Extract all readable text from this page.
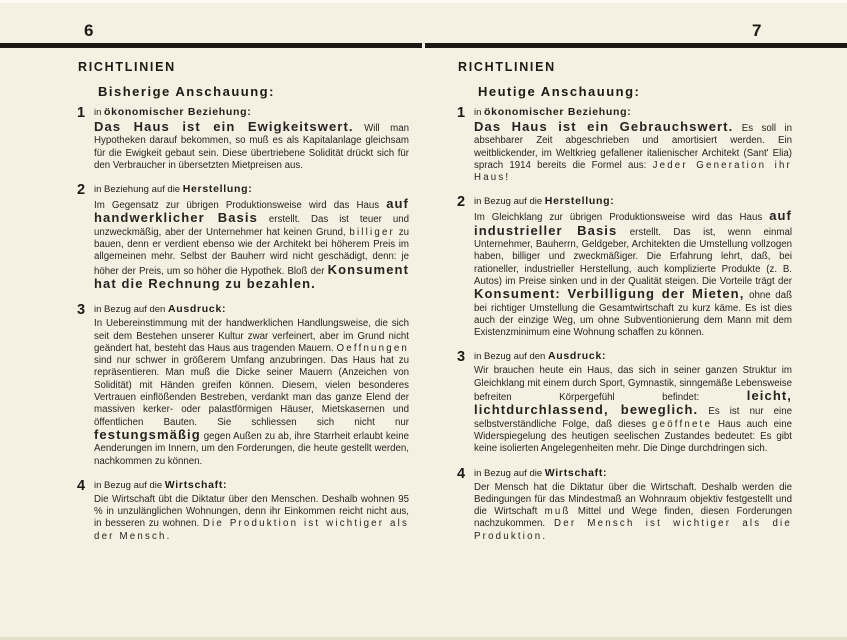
6	7
RICHTLINIEN
Bisherige Anschauung:
1 in ökonomischer Beziehung:
Das Haus ist ein Ewigkeitswert. Will man Hypotheken darauf bekommen, so muß es als Kapitalanlage gleichsam für die Ewigkeit gebaut sein. Diese übertriebene Solidität drückt sich für den Verbraucher in übersetzten Mietpreisen aus.
2 in Beziehung auf die Herstellung:
Im Gegensatz zur übrigen Produktionsweise wird das Haus auf handwerklicher Basis erstellt. Das ist teuer und unzweckmäßig, aber der Unternehmer hat keinen Grund, billiger zu bauen, denn er verdient ebenso wie der Architekt bei höherem Preis im allgemeinen mehr. Selbst der Bauherr wird nicht geschädigt, denn: je höher der Preis, um so höher die Hypothek. Bloß der Konsument hat die Rechnung zu bezahlen.
3 in Bezug auf den Ausdruck:
In Uebereinstimmung mit der handwerklichen Handlungsweise, die sich seit dem Bestehen unserer Kultur zwar verfeinert, aber im Grund nicht geändert hat, besteht das Haus aus tragenden Mauern. Oeffnungen sind nur schwer in größerem Umfang anzubringen. Das Haus hat zu repräsentieren. Man muß die Dicke seiner Mauern (Anzeichen von Solidität) mit Händen greifen können. Diesem, vielen besonderes Vertrauen einflößenden Bestreben, verdankt man das ganze Elend der massiven kerker- oder palastförmigen Häuser, Mietskasernen und öffentlichen Bauten. Sie schliessen sich nicht nur festungsmäßig gegen Außen zu ab, ihre Starrheit erlaubt keine Aenderungen im Innern, um den Forderungen, die heute gestellt werden, nachkommen zu können.
4 in Bezug auf die Wirtschaft:
Die Wirtschaft übt die Diktatur über den Menschen. Deshalb wohnen 95 % in unzulänglichen Wohnungen, denn ihr Einkommen reicht nicht aus, in besseren zu wohnen. Die Produktion ist wichtiger als der Mensch.
RICHTLINIEN
Heutige Anschauung:
1 in ökonomischer Beziehung:
Das Haus ist ein Gebrauchswert. Es soll in absehbarer Zeit abgeschrieben und amortisiert werden. Ein weitblickender, im Weltkrieg gefallener italienischer Architekt (Sant' Elia) sprach 1914 bereits die Formel aus: Jeder Generation ihr Haus!
2 in Bezug auf die Herstellung:
Im Gleichklang zur übrigen Produktionsweise wird das Haus auf industrieller Basis erstellt. Das ist, wenn einmal Unternehmer, Bauherrn, Geldgeber, Architekten die Umstellung vollzogen haben, billiger und zweckmäßiger. Die Erfahrung lehrt, daß, bei rationeller, industrieller Herstellung, auch komplizierte Produkte (z. B. Autos) im Preise sinken und in der Qualität steigen. Die Vorteile trägt der Konsument: Verbilligung der Mieten, ohne daß bei richtiger Umstellung die Gesamtwirtschaft zu kurz käme. Es ist dies auch der einzige Weg, um ohne Subventionierung dem Mann mit dem Existenzminimum eine Wohnung schaffen zu können.
3 in Bezug auf den Ausdruck:
Wir brauchen heute ein Haus, das sich in seiner ganzen Struktur im Gleichklang mit einem durch Sport, Gymnastik, sinngemäße Lebensweise befreiten Körpergefühl befindet: leicht, lichtdurchlassend, beweglich. Es ist nur eine selbstverständliche Folge, daß dieses geöffnete Haus auch eine Widerspiegelung des heutigen seelischen Zustandes bedeutet: Es gibt keine isolierten Angelegenheiten mehr. Die Dinge durchdringen sich.
4 in Bezug auf die Wirtschaft:
Der Mensch hat die Diktatur über die Wirtschaft. Deshalb werden die Bedingungen für das Mindestmaß an Wohnraum objektiv festgestellt und die Wirtschaft muß Mittel und Wege finden, diesen Forderungen nachzukommen. Der Mensch ist wichtiger als die Produktion.
